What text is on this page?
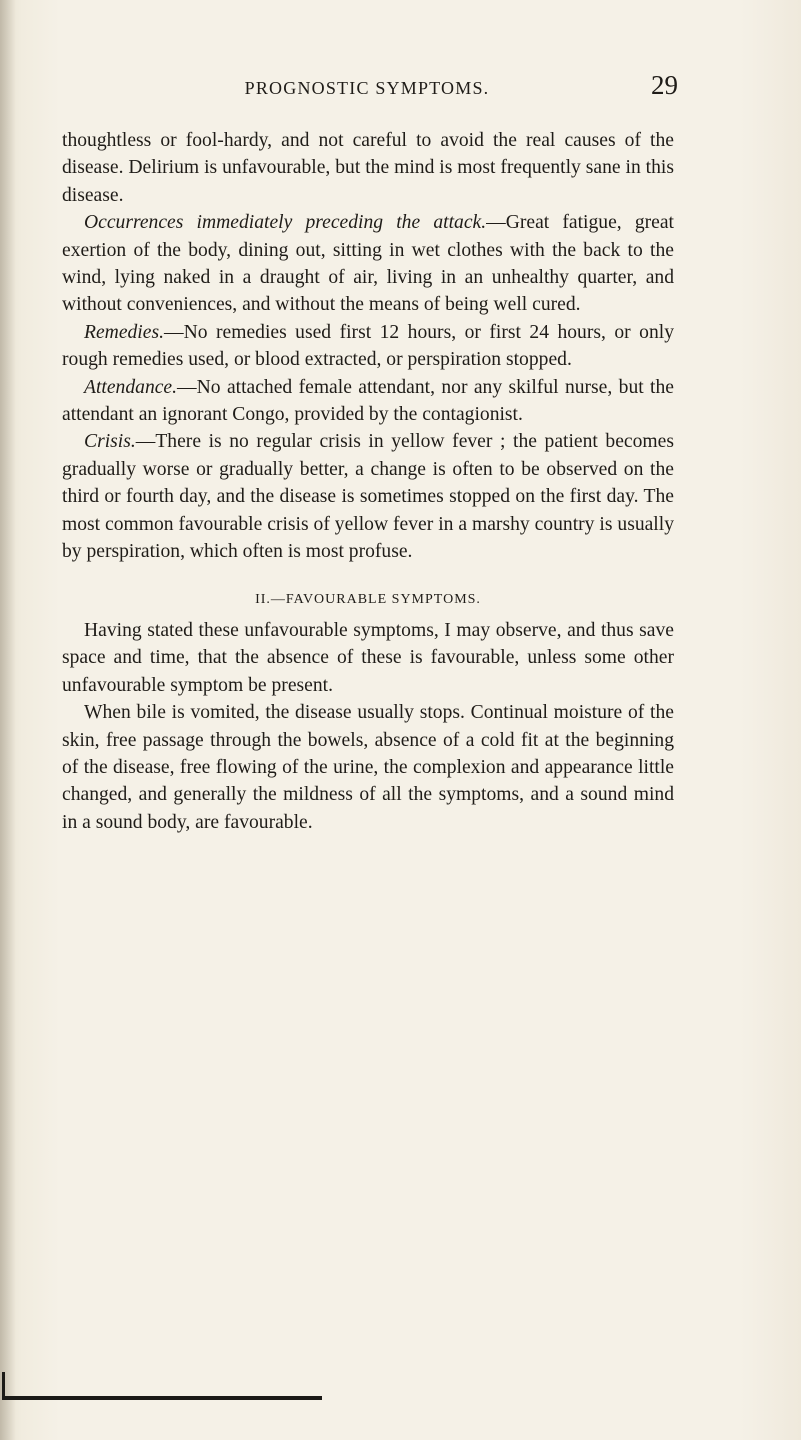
PROGNOSTIC SYMPTOMS.	29

thoughtless or fool-hardy, and not careful to avoid the real causes of the disease. Delirium is unfavourable, but the mind is most frequently sane in this disease.

Occurrences immediately preceding the attack.—Great fatigue, great exertion of the body, dining out, sitting in wet clothes with the back to the wind, lying naked in a draught of air, living in an unhealthy quarter, and without conveniences, and without the means of being well cured.

Remedies.—No remedies used first 12 hours, or first 24 hours, or only rough remedies used, or blood extracted, or perspiration stopped.

Attendance.—No attached female attendant, nor any skilful nurse, but the attendant an ignorant Congo, provided by the contagionist.

Crisis.—There is no regular crisis in yellow fever ; the patient becomes gradually worse or gradually better, a change is often to be observed on the third or fourth day, and the disease is sometimes stopped on the first day. The most common favourable crisis of yellow fever in a marshy country is usually by perspiration, which often is most profuse.

II.—FAVOURABLE SYMPTOMS.

Having stated these unfavourable symptoms, I may observe, and thus save space and time, that the absence of these is favourable, unless some other unfavourable symptom be present.

When bile is vomited, the disease usually stops. Continual moisture of the skin, free passage through the bowels, absence of a cold fit at the beginning of the disease, free flowing of the urine, the complexion and appearance little changed, and generally the mildness of all the symptoms, and a sound mind in a sound body, are favourable.
